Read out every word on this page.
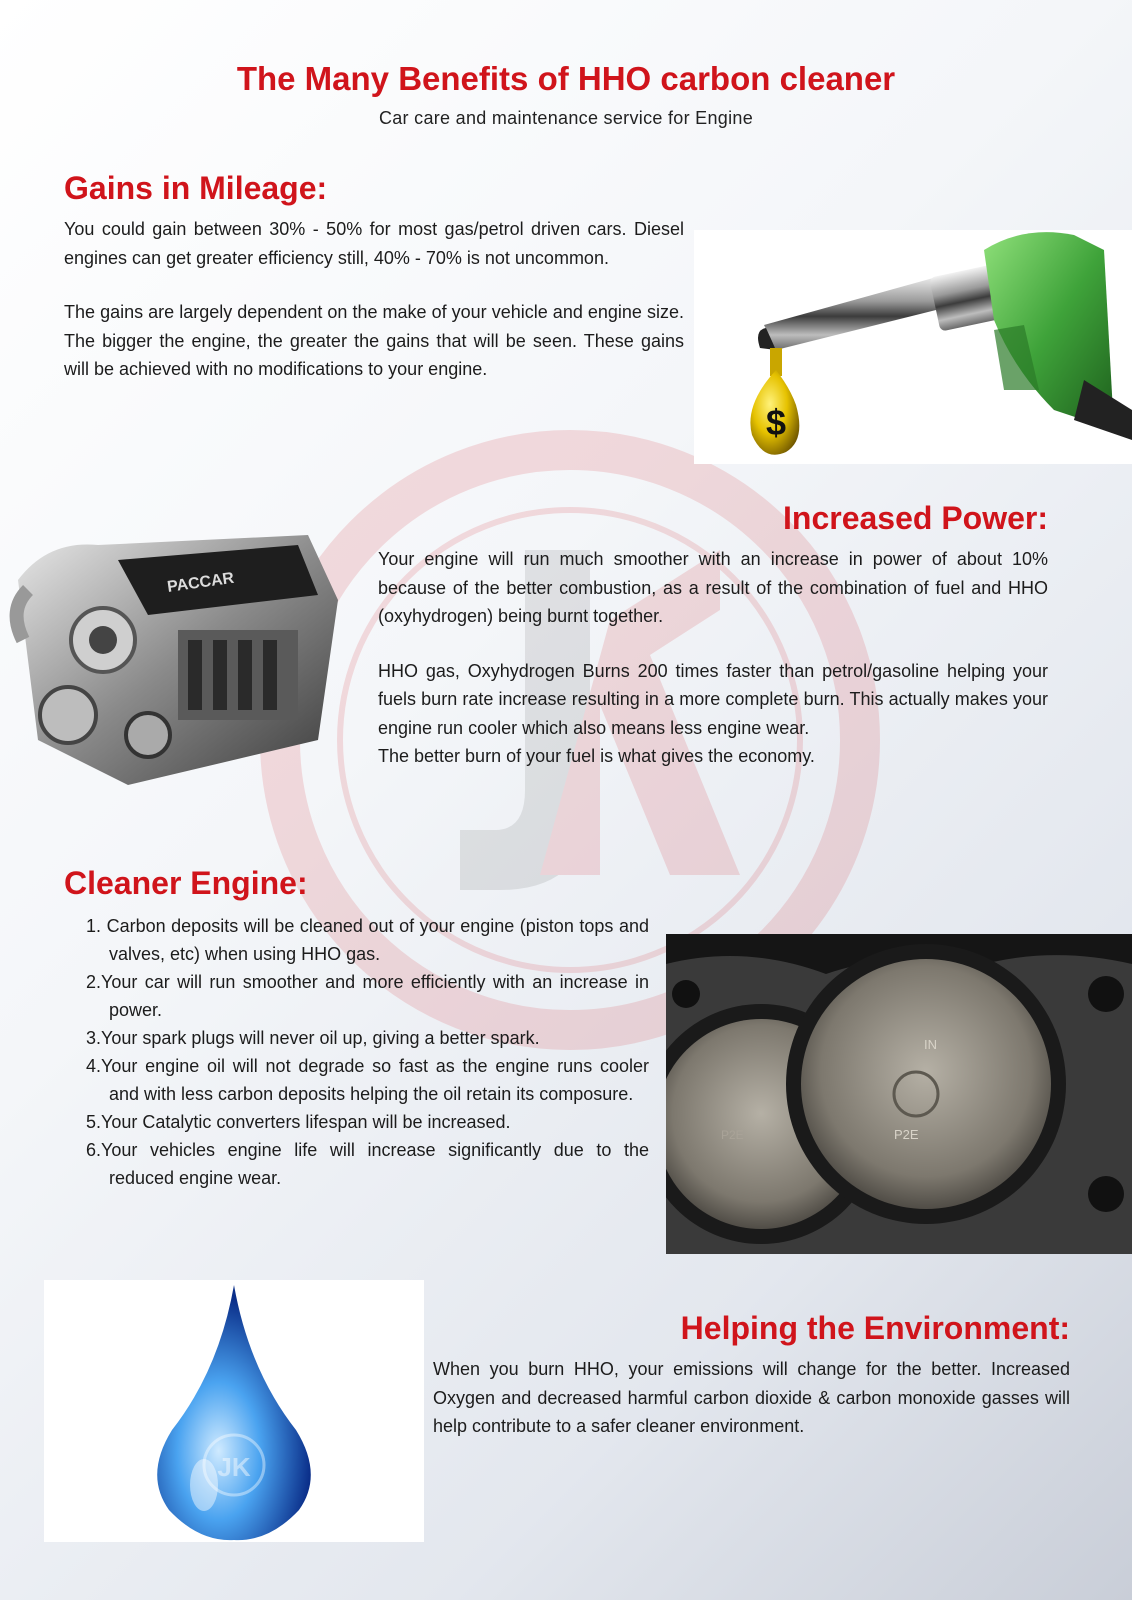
The Many Benefits of HHO carbon cleaner
Car care and maintenance service for Engine
Gains in Mileage:

You could gain between 30% - 50% for most gas/petrol driven cars. Diesel engines can get greater efficiency still, 40% - 70% is not uncommon.

The gains are largely dependent on the make of your vehicle and engine size. The bigger the engine, the greater the gains that will be seen. These gains will be achieved with no modifications to your engine.

$
PACCAR
Increased Power:

Your engine will run much smoother with an increase in power of about 10% because of the better combustion, as a result of the combination of fuel and HHO (oxyhydrogen) being burnt together.

HHO gas, Oxyhydrogen Burns 200 times faster than petrol/gasoline helping your fuels burn rate increase resulting in a more complete burn. This actually makes your engine run cooler which also means less engine wear.

The better burn of your fuel is what gives the economy.

Cleaner Engine:
1. Carbon deposits will be cleaned out of your engine (piston tops and valves, etc) when using HHO gas.
2.Your car will run smoother and more efficiently with an increase in power.
3.Your spark plugs will never oil up, giving a better spark.
4.Your engine oil will not degrade so fast as the engine runs cooler and with less carbon deposits helping the oil retain its composure.
5.Your Catalytic converters lifespan will be increased.
6.Your vehicles engine life will increase significantly due to the reduced engine wear.
IN
P2E
P2E
JK
Helping the Environment:

When you burn HHO, your emissions will change for the better. Increased Oxygen and decreased harmful carbon dioxide & carbon monoxide gasses will help contribute to a safer cleaner environment.
